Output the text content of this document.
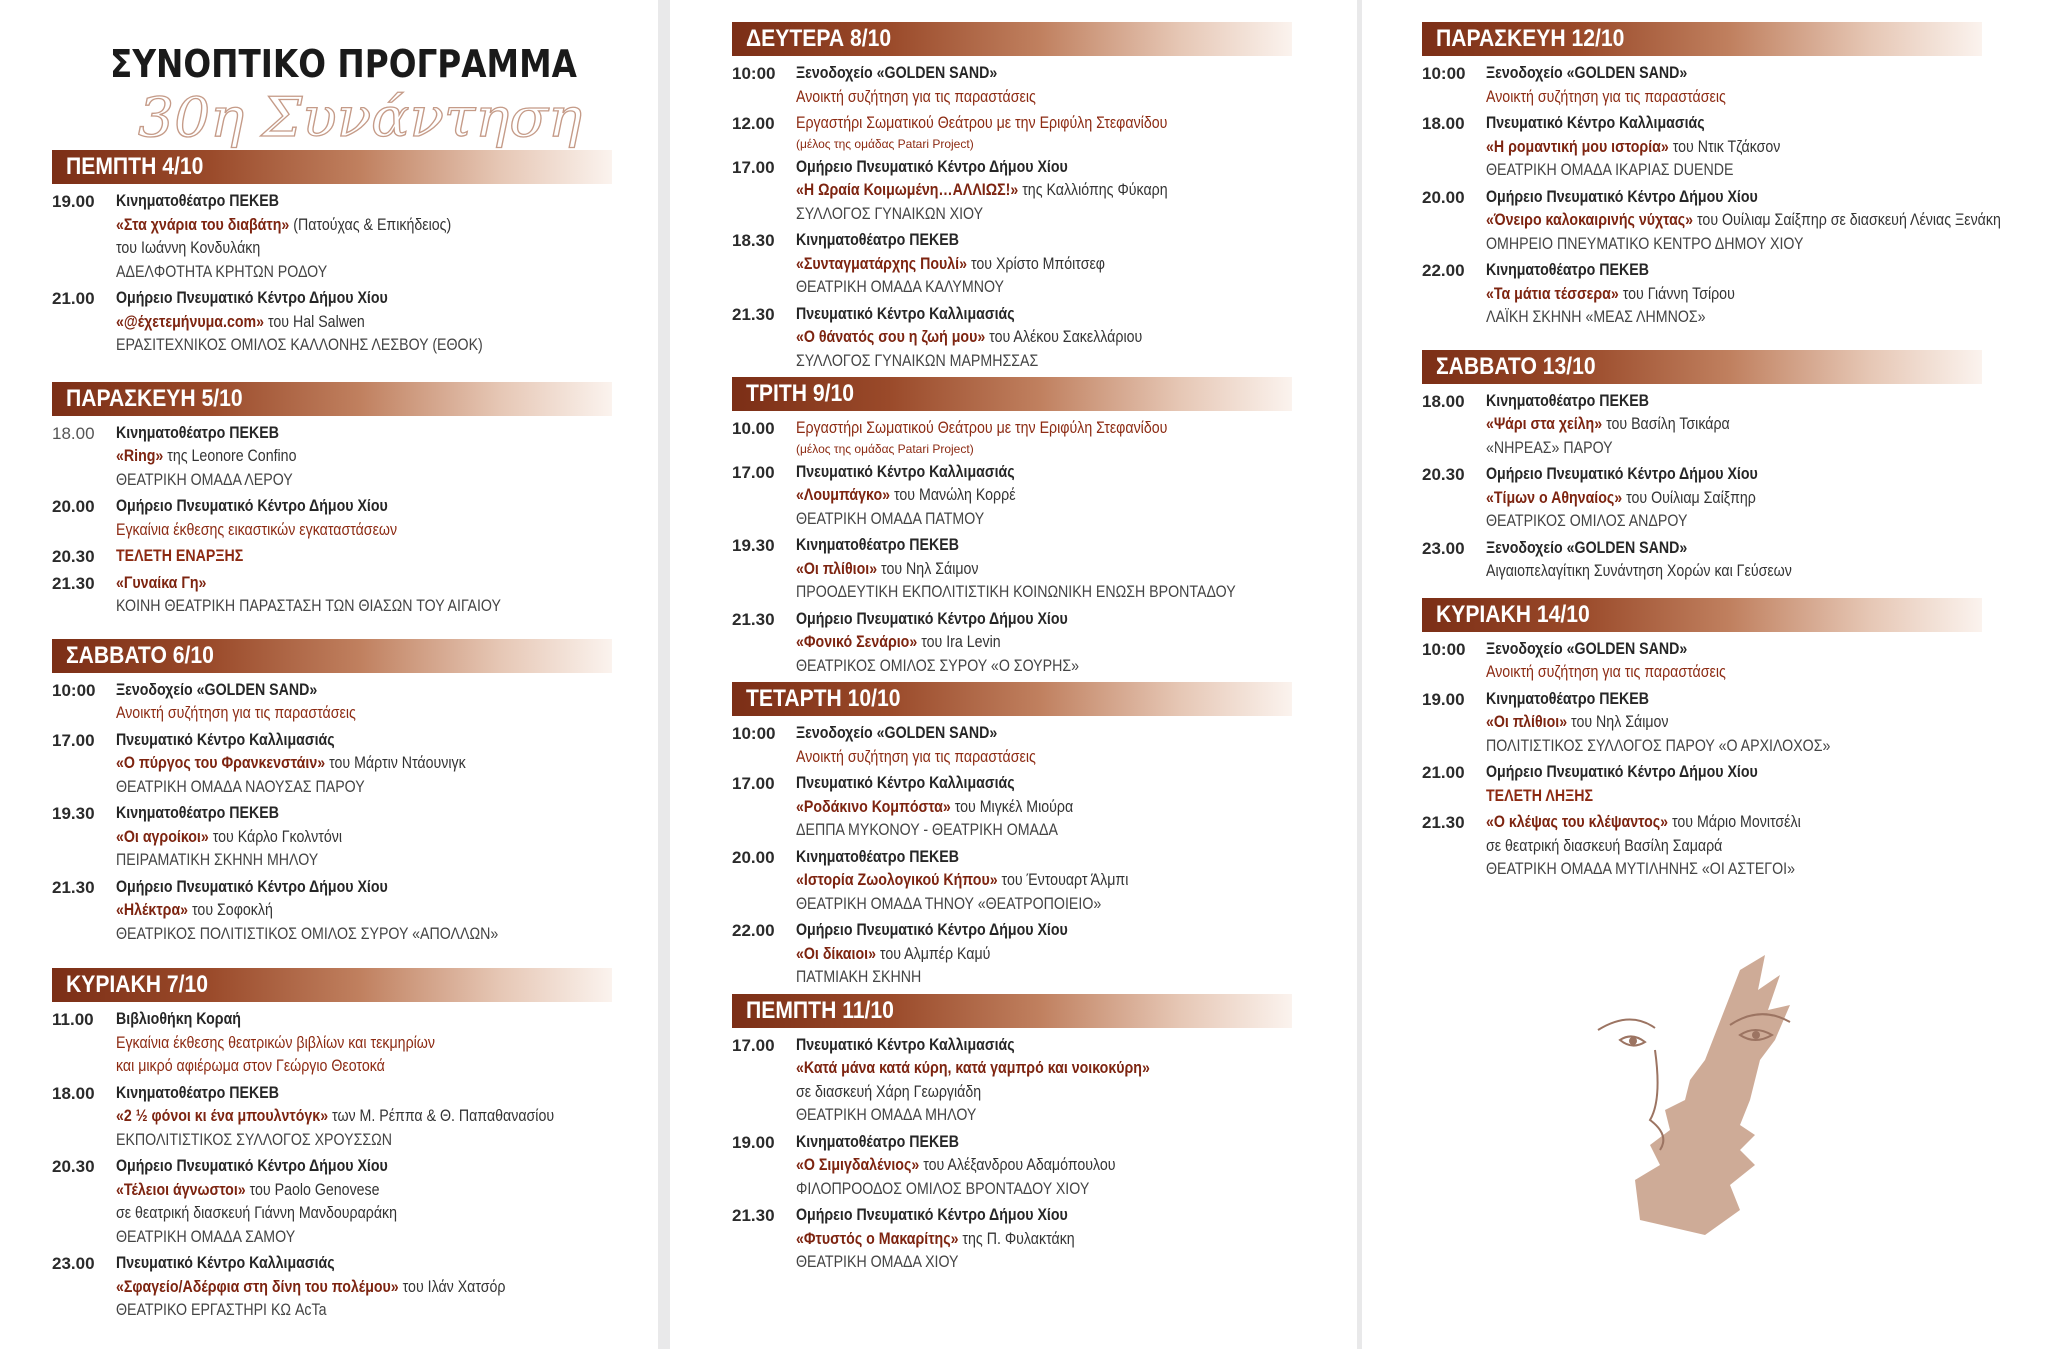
ΣΥΝΟΠΤΙΚΟ ΠΡΟΓΡΑΜΜΑ
30η Συνάντηση
ΠΕΜΠΤΗ 4/10
19.00	Κινηματοθέατρο ΠΕΚΕΒ
«Στα χνάρια του διαβάτη» (Πατούχας & Επικήδειος)
του Ιωάννη Κονδυλάκη
ΑΔΕΛΦΟΤΗΤΑ ΚΡΗΤΩΝ ΡΟΔΟΥ
21.00	Ομήρειο Πνευματικό Κέντρο Δήμου Χίου
«@έχετεμήνυμα.com» του Hal Salwen
ΕΡΑΣΙΤΕΧΝΙΚΟΣ ΟΜΙΛΟΣ ΚΑΛΛΟΝΗΣ ΛΕΣΒΟΥ (ΕΘΟΚ)
ΠΑΡΑΣΚΕΥΗ 5/10
18.00	Κινηματοθέατρο ΠΕΚΕΒ
«Ring» της Leonore Confino
ΘΕΑΤΡΙΚΗ ΟΜΑΔΑ ΛΕΡΟΥ
20.00	Ομήρειο Πνευματικό Κέντρο Δήμου Χίου
Εγκαίνια έκθεσης εικαστικών εγκαταστάσεων
20.30	ΤΕΛΕΤΗ ΕΝΑΡΞΗΣ
21.30	«Γυναίκα Γη»
ΚΟΙΝΗ ΘΕΑΤΡΙΚΗ ΠΑΡΑΣΤΑΣΗ ΤΩΝ ΘΙΑΣΩΝ ΤΟΥ ΑΙΓΑΙΟΥ
ΣΑΒΒΑΤΟ 6/10
10:00	Ξενοδοχείο «GOLDEN SAND»
Ανοικτή συζήτηση για τις παραστάσεις
17.00	Πνευματικό Κέντρο Καλλιμασιάς
«Ο πύργος του Φρανκενστάιν» του Μάρτιν Ντάουνιγκ
ΘΕΑΤΡΙΚΗ ΟΜΑΔΑ ΝΑΟΥΣΑΣ ΠΑΡΟΥ
19.30	Κινηματοθέατρο ΠΕΚΕΒ
«Οι αγροίκοι» του Κάρλο Γκολντόνι
ΠΕΙΡΑΜΑΤΙΚΗ ΣΚΗΝΗ ΜΗΛΟΥ
21.30	Ομήρειο Πνευματικό Κέντρο Δήμου Χίου
«Ηλέκτρα» του Σοφοκλή
ΘΕΑΤΡΙΚΟΣ ΠΟΛΙΤΙΣΤΙΚΟΣ ΟΜΙΛΟΣ ΣΥΡΟΥ «ΑΠΟΛΛΩΝ»
ΚΥΡΙΑΚΗ 7/10
11.00	Βιβλιοθήκη Κοραή
Εγκαίνια έκθεσης θεατρικών βιβλίων και τεκμηρίων
και μικρό αφιέρωμα στον Γεώργιο Θεοτοκά
18.00	Κινηματοθέατρο ΠΕΚΕΒ
«2 ½ φόνοι κι ένα μπουλντόγκ» των Μ. Ρέππα & Θ. Παπαθανασίου
ΕΚΠΟΛΙΤΙΣΤΙΚΟΣ ΣΥΛΛΟΓΟΣ ΧΡΟΥΣΣΩΝ
20.30	Ομήρειο Πνευματικό Κέντρο Δήμου Χίου
«Τέλειοι άγνωστοι» του Paolo Genovese
σε θεατρική διασκευή Γιάννη Μανδουραράκη
ΘΕΑΤΡΙΚΗ ΟΜΑΔΑ ΣΑΜΟΥ
23.00	Πνευματικό Κέντρο Καλλιμασιάς
«Σφαγείο/Αδέρφια στη δίνη του πολέμου» του Ιλάν Χατσόρ
ΘΕΑΤΡΙΚΟ ΕΡΓΑΣΤΗΡΙ ΚΩ AcTa
ΔΕΥΤΕΡΑ 8/10
10:00	Ξενοδοχείο «GOLDEN SAND»
Ανοικτή συζήτηση για τις παραστάσεις
12.00	Εργαστήρι Σωματικού Θεάτρου με την Εριφύλη Στεφανίδου
(μέλος της ομάδας Patari Project)
17.00	Ομήρειο Πνευματικό Κέντρο Δήμου Χίου
«Η Ωραία Κοιμωμένη…ΑΛΛΙΩΣ!» της Καλλιόπης Φύκαρη
ΣΥΛΛΟΓΟΣ ΓΥΝΑΙΚΩΝ ΧΙΟΥ
18.30	Κινηματοθέατρο ΠΕΚΕΒ
«Συνταγματάρχης Πουλί» του Χρίστο Μπόιτσεφ
ΘΕΑΤΡΙΚΗ ΟΜΑΔΑ ΚΑΛΥΜΝΟΥ
21.30	Πνευματικό Κέντρο Καλλιμασιάς
«Ο θάνατός σου η ζωή μου» του Αλέκου Σακελλάριου
ΣΥΛΛΟΓΟΣ ΓΥΝΑΙΚΩΝ ΜΑΡΜΗΣΣΑΣ
ΤΡΙΤΗ 9/10
10.00	Εργαστήρι Σωματικού Θεάτρου με την Εριφύλη Στεφανίδου
(μέλος της ομάδας Patari Project)
17.00	Πνευματικό Κέντρο Καλλιμασιάς
«Λουμπάγκο» του Μανώλη Κορρέ
ΘΕΑΤΡΙΚΗ ΟΜΑΔΑ ΠΑΤΜΟΥ
19.30	Κινηματοθέατρο ΠΕΚΕΒ
«Οι πλίθιοι» του Νηλ Σάιμον
ΠΡΟΟΔΕΥΤΙΚΗ ΕΚΠΟΛΙΤΙΣΤΙΚΗ ΚΟΙΝΩΝΙΚΗ ΕΝΩΣΗ ΒΡΟΝΤΑΔΟΥ
21.30	Ομήρειο Πνευματικό Κέντρο Δήμου Χίου
«Φονικό Σενάριο» του Ira Levin
ΘΕΑΤΡΙΚΟΣ ΟΜΙΛΟΣ ΣΥΡΟΥ «Ο ΣΟΥΡΗΣ»
ΤΕΤΑΡΤΗ 10/10
10:00	Ξενοδοχείο «GOLDEN SAND»
Ανοικτή συζήτηση για τις παραστάσεις
17.00	Πνευματικό Κέντρο Καλλιμασιάς
«Ροδάκινο Κομπόστα» του Μιγκέλ Μιούρα
ΔΕΠΠΑ ΜΥΚΟΝΟΥ - ΘΕΑΤΡΙΚΗ ΟΜΑΔΑ
20.00	Κινηματοθέατρο ΠΕΚΕΒ
«Ιστορία Ζωολογικού Κήπου» του Έντουαρτ Άλμπι
ΘΕΑΤΡΙΚΗ ΟΜΑΔΑ ΤΗΝΟΥ «ΘΕΑΤΡΟΠΟΙΕΙΟ»
22.00	Ομήρειο Πνευματικό Κέντρο Δήμου Χίου
«Οι δίκαιοι» του Αλμπέρ Καμύ
ΠΑΤΜΙΑΚΗ ΣΚΗΝΗ
ΠΕΜΠΤΗ 11/10
17.00	Πνευματικό Κέντρο Καλλιμασιάς
«Κατά μάνα κατά κύρη, κατά γαμπρό και νοικοκύρη»
σε διασκευή Χάρη Γεωργιάδη
ΘΕΑΤΡΙΚΗ ΟΜΑΔΑ ΜΗΛΟΥ
19.00	Κινηματοθέατρο ΠΕΚΕΒ
«Ο Σιμιγδαλένιος» του Αλέξανδρου Αδαμόπουλου
ΦΙΛΟΠΡΟΟΔΟΣ ΟΜΙΛΟΣ ΒΡΟΝΤΑΔΟΥ ΧΙΟΥ
21.30	Ομήρειο Πνευματικό Κέντρο Δήμου Χίου
«Φτυστός ο Μακαρίτης» της Π. Φυλακτάκη
ΘΕΑΤΡΙΚΗ ΟΜΑΔΑ ΧΙΟΥ
ΠΑΡΑΣΚΕΥΗ 12/10
10:00	Ξενοδοχείο «GOLDEN SAND»
Ανοικτή συζήτηση για τις παραστάσεις
18.00	Πνευματικό Κέντρο Καλλιμασιάς
«Η ρομαντική μου ιστορία» του Ντικ Τζάκσον
ΘΕΑΤΡΙΚΗ ΟΜΑΔΑ ΙΚΑΡΙΑΣ DUENDE
20.00	Ομήρειο Πνευματικό Κέντρο Δήμου Χίου
«Όνειρο καλοκαιρινής νύχτας» του Ουίλιαμ Σαίξπηρ σε διασκευή Λένιας Ξενάκη
ΟΜΗΡΕΙΟ ΠΝΕΥΜΑΤΙΚΟ ΚΕΝΤΡΟ ΔΗΜΟΥ ΧΙΟΥ
22.00	Κινηματοθέατρο ΠΕΚΕΒ
«Τα μάτια τέσσερα» του Γιάννη Τσίρου
ΛΑΪΚΗ ΣΚΗΝΗ «ΜΕΑΣ ΛΗΜΝΟΣ»
ΣΑΒΒΑΤΟ 13/10
18.00	Κινηματοθέατρο ΠΕΚΕΒ
«Ψάρι στα χείλη» του Βασίλη Τσικάρα
«ΝΗΡΕΑΣ» ΠΑΡΟΥ
20.30	Ομήρειο Πνευματικό Κέντρο Δήμου Χίου
«Τίμων ο Αθηναίος» του Ουίλιαμ Σαίξπηρ
ΘΕΑΤΡΙΚΟΣ ΟΜΙΛΟΣ ΑΝΔΡΟΥ
23.00	Ξενοδοχείο «GOLDEN SAND»
Αιγαιοπελαγίτικη Συνάντηση Χορών και Γεύσεων
ΚΥΡΙΑΚΗ 14/10
10:00	Ξενοδοχείο «GOLDEN SAND»
Ανοικτή συζήτηση για τις παραστάσεις
19.00	Κινηματοθέατρο ΠΕΚΕΒ
«Οι πλίθιοι» του Νηλ Σάιμον
ΠΟΛΙΤΙΣΤΙΚΟΣ ΣΥΛΛΟΓΟΣ ΠΑΡΟΥ «Ο ΑΡΧΙΛΟΧΟΣ»
21.00	Ομήρειο Πνευματικό Κέντρο Δήμου Χίου
ΤΕΛΕΤΗ ΛΗΞΗΣ
21.30	«Ο κλέψας του κλέψαντος» του Μάριο Μονιτσέλι
σε θεατρική διασκευή Βασίλη Σαμαρά
ΘΕΑΤΡΙΚΗ ΟΜΑΔΑ ΜΥΤΙΛΗΝΗΣ «ΟΙ ΑΣΤΕΓΟΙ»
